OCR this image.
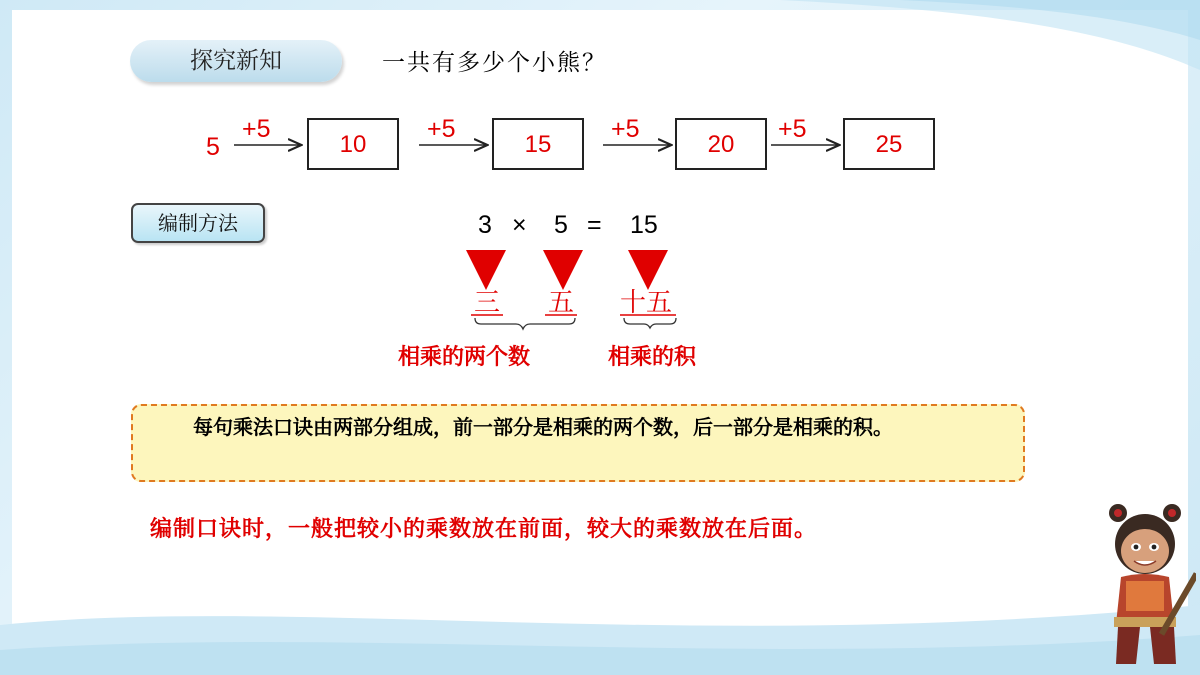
探究新知	一共有多少个小熊？
5
+5	+5	+5	+5
10	15	20	25
编制方法	3 × 5 = 15
三 五 十五
相乘的两个数	相乘的积
每句乘法口诀由两部分组成，前一部分是相乘的两个数，后一部分是相乘的积。
编制口诀时，一般把较小的乘数放在前面，较大的乘数放在后面。
